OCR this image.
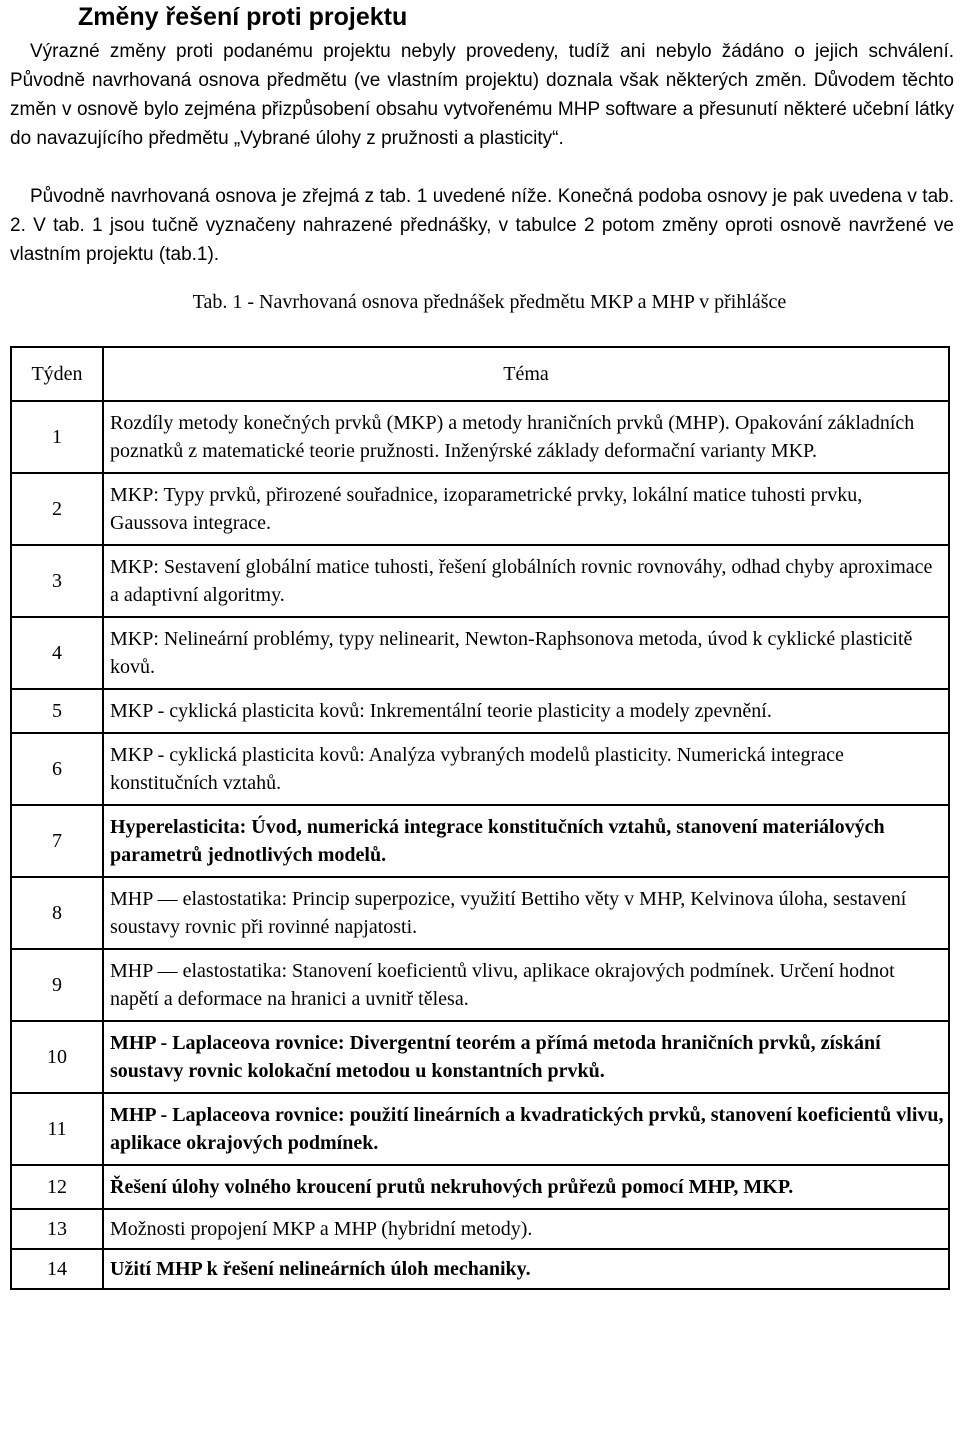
Změny řešení proti projektu

Výrazné změny proti podanému projektu nebyly provedeny, tudíž ani nebylo žádáno o jejich schválení. Původně navrhovaná osnova předmětu (ve vlastním projektu) doznala však některých změn. Důvodem těchto změn v osnově bylo zejména přizpůsobení obsahu vytvořenému MHP software a přesunutí některé učební látky do navazujícího předmětu „Vybrané úlohy z pružnosti a plasticity“.

Původně navrhovaná osnova je zřejmá z tab. 1 uvedené níže. Konečná podoba osnovy je pak uvedena v tab. 2. V tab. 1 jsou tučně vyznačeny nahrazené přednášky, v tabulce 2 potom změny oproti osnově navržené ve vlastním projektu (tab.1).

Tab. 1 - Navrhovaná osnova přednášek předmětu MKP a MHP v přihlášce
Týden	Téma
1	Rozdíly metody konečných prvků (MKP) a metody hraničních prvků (MHP). Opakování základních poznatků z matematické teorie pružnosti. Inženýrské základy deformační varianty MKP.
2	MKP: Typy prvků, přirozené souřadnice, izoparametrické prvky, lokální matice tuhosti prvku, Gaussova integrace.
3	MKP: Sestavení globální matice tuhosti, řešení globálních rovnic rovnováhy, odhad chyby aproximace a adaptivní algoritmy.
4	MKP: Nelineární problémy, typy nelinearit, Newton-Raphsonova metoda, úvod k cyklické plasticitě kovů.
5	MKP - cyklická plasticita kovů: Inkrementální teorie plasticity a modely zpevnění.
6	MKP - cyklická plasticita kovů: Analýza vybraných modelů plasticity. Numerická integrace konstitučních vztahů.
7	Hyperelasticita: Úvod, numerická integrace konstitučních vztahů, stanovení materiálových parametrů jednotlivých modelů.
8	MHP — elastostatika: Princip superpozice, využití Bettiho věty v MHP, Kelvinova úloha, sestavení soustavy rovnic při rovinné napjatosti.
9	MHP — elastostatika: Stanovení koeficientů vlivu, aplikace okrajových podmínek. Určení hodnot napětí a deformace na hranici a uvnitř tělesa.
10	MHP - Laplaceova rovnice: Divergentní teorém a přímá metoda hraničních prvků, získání soustavy rovnic kolokační metodou u konstantních prvků.
11	MHP - Laplaceova rovnice: použití lineárních a kvadratických prvků, stanovení koeficientů vlivu, aplikace okrajových podmínek.
12	Řešení úlohy volného kroucení prutů nekruhových průřezů pomocí MHP, MKP.
13	Možnosti propojení MKP a MHP (hybridní metody).
14	Užití MHP k řešení nelineárních úloh mechaniky.
